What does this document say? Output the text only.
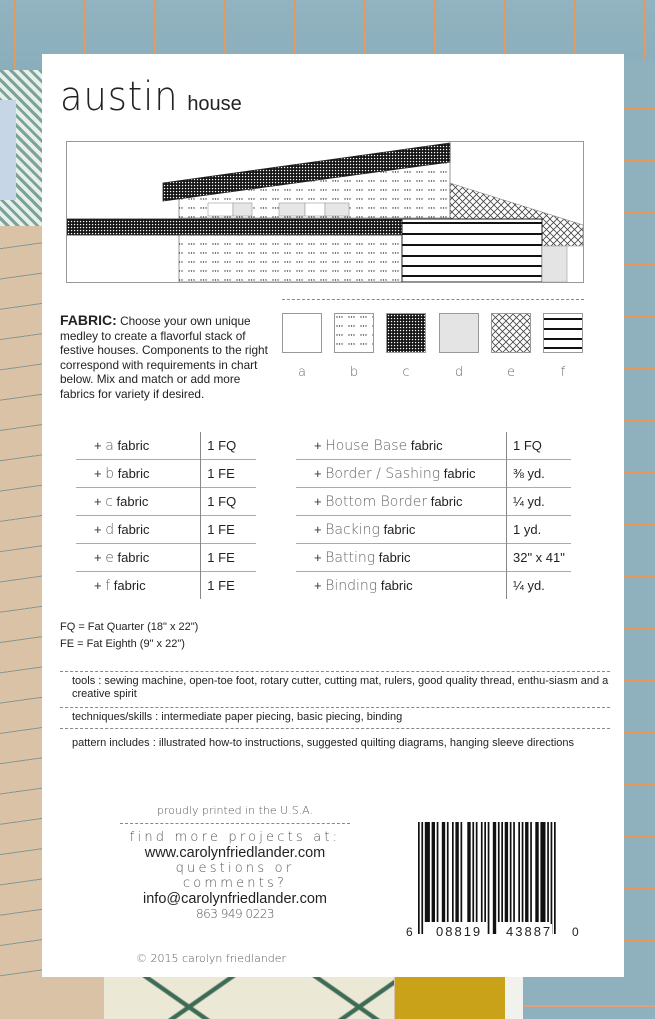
austin house
FABRIC: Choose your own unique medley to create a flavorful stack of festive houses. Components to the right correspond with requirements in chart below. Mix and match or add more fabrics for variety if desired.
a	b	c	d	e	f
+ a fabric	1 FQ
+ b fabric	1 FE
+ c fabric	1 FQ
+ d fabric	1 FE
+ e fabric	1 FE
+ f fabric	1 FE
+ House Base fabric	1 FQ
+ Border / Sashing fabric	⅜ yd.
+ Bottom Border fabric	¼ yd.
+ Backing fabric	1 yd.
+ Batting fabric	32" x 41"
+ Binding fabric	¼ yd.
FQ = Fat Quarter (18" x 22")
FE = Fat Eighth (9" x 22")

tools : sewing machine, open-toe foot, rotary cutter, cutting mat, rulers, good quality thread, enthu-siasm and a creative spirit

techniques/skills : intermediate paper piecing, basic piecing, binding

pattern includes : illustrated how-to instructions, suggested quilting diagrams, hanging sleeve directions

proudly printed in the U.S.A.
find more projects at:
www.carolynfriedlander.com
questions or comments?
info@carolynfriedlander.com
863 949 0223
© 2015 carolyn friedlander
6 08819 43887 0
